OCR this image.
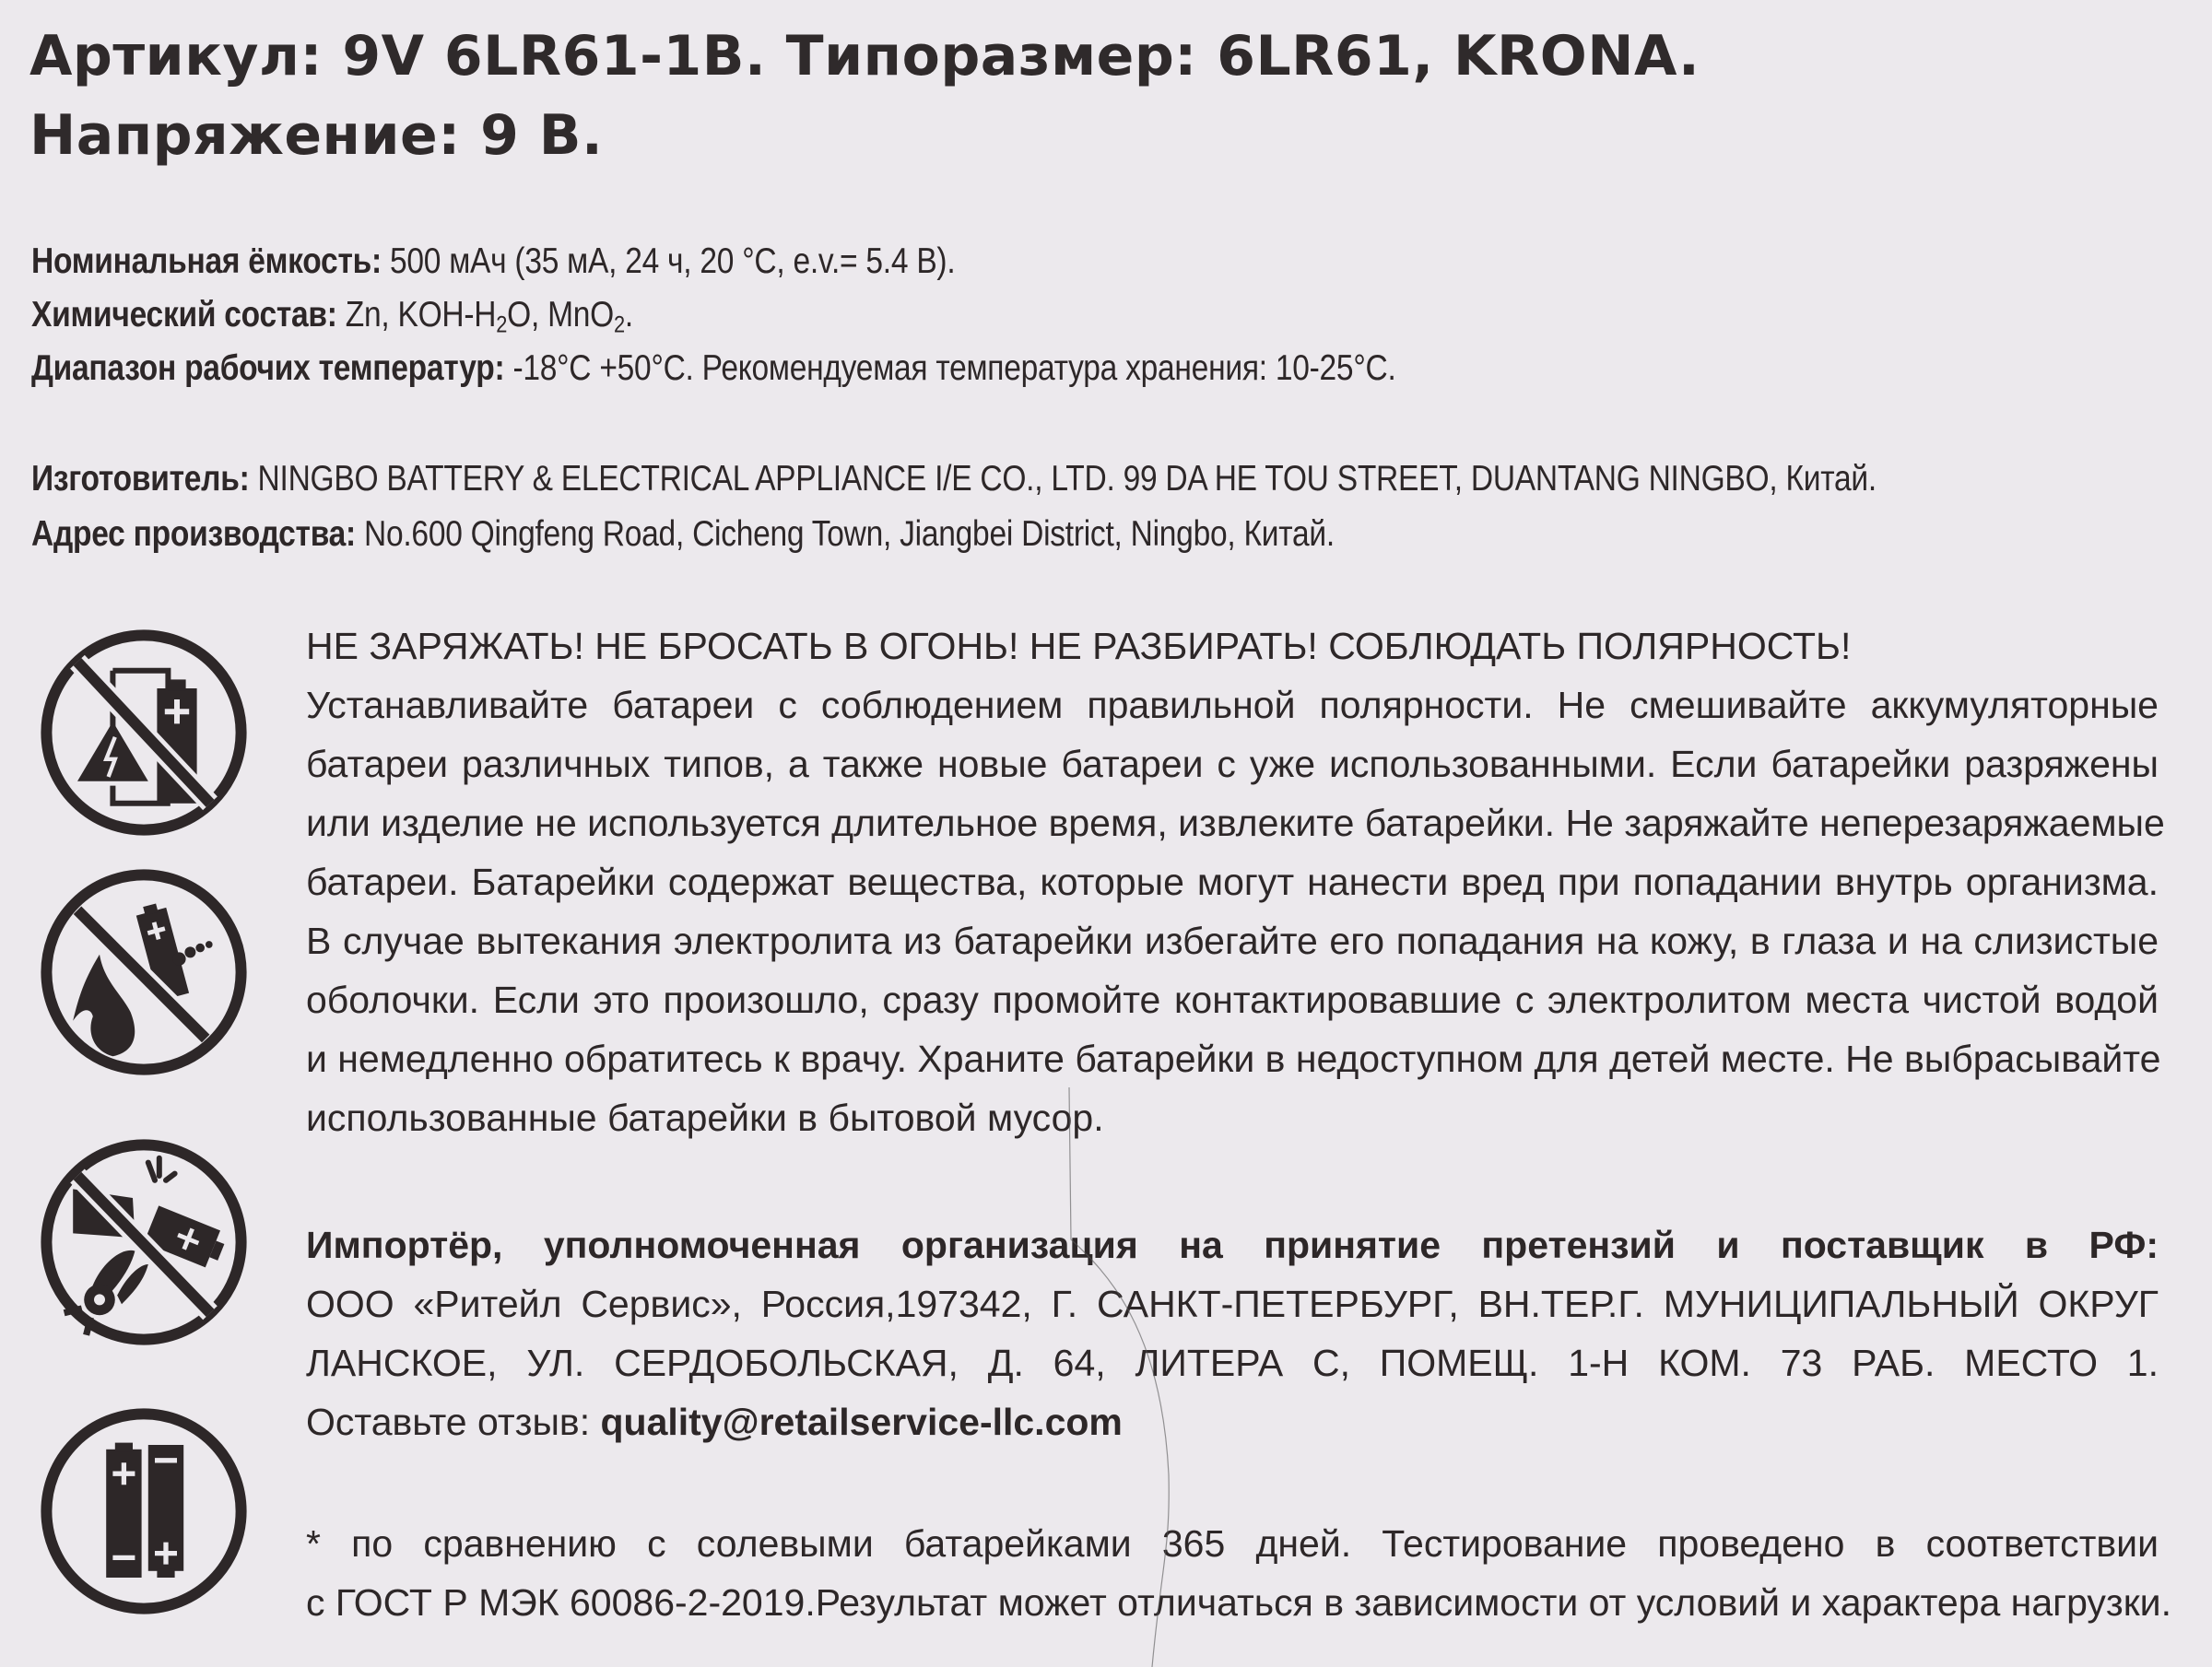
Артикул: 9V 6LR61-1B. Типоразмер: 6LR61, KRONA.
Напряжение: 9 В.
Номинальная ёмкость: 500 мАч (35 мА, 24 ч, 20 °C, e.v.= 5.4 В).
Химический состав: Zn, KOH-$H_2O$, MnO$_2$.
Диапазон рабочих температур: -18°C +50°C. Рекомендуемая температура хранения: 10-25°C.
Изготовитель: NINGBO BATTERY & ELECTRICAL APPLIANCE I/E CO., LTD. 99 DA HE TOU STREET, DUANTANG NINGBO, Китай.
Адрес производства: No.600 Qingfeng Road, Cicheng Town, Jiangbei District, Ningbo, Китай.
НЕ ЗАРЯЖАТЬ! НЕ БРОСАТЬ В ОГОНЬ! НЕ РАЗБИРАТЬ! СОБЛЮДАТЬ ПОЛЯРНОСТЬ!
Устанавливайте батареи с соблюдением правильной полярности. Не смешивайте аккумуляторные
батареи различных типов, а также новые батареи с уже использованными. Если батарейки разряжены
или изделие не используется длительное время, извлеките батарейки. Не заряжайте неперезаряжаемые
батареи. Батарейки содержат вещества, которые могут нанести вред при попадании внутрь организма.
В случае вытекания электролита из батарейки избегайте его попадания на кожу, в глаза и на слизистые
оболочки. Если это произошло, сразу промойте контактировавшие с электролитом места чистой водой
и немедленно обратитесь к врачу. Храните батарейки в недоступном для детей месте. Не выбрасывайте
использованные батарейки в бытовой мусор.
Импортёр, уполномоченная организация на принятие претензий и поставщик в РФ:
ООО «Ритейл Сервис», Россия,197342, Г. САНКТ-ПЕТЕРБУРГ, ВН.ТЕР.Г. МУНИЦИПАЛЬНЫЙ ОКРУГ
ЛАНСКОЕ, УЛ. СЕРДОБОЛЬСКАЯ, Д. 64, ЛИТЕРА С, ПОМЕЩ. 1-Н КОМ. 73 РАБ. МЕСТО 1.
Оставьте отзыв: quality@retailservice-llc.com
* по сравнению с солевыми батарейками 365 дней. Тестирование проведено в соответствии
с ГОСТ Р МЭК 60086-2-2019.Результат может отличаться в зависимости от условий и характера нагрузки.
